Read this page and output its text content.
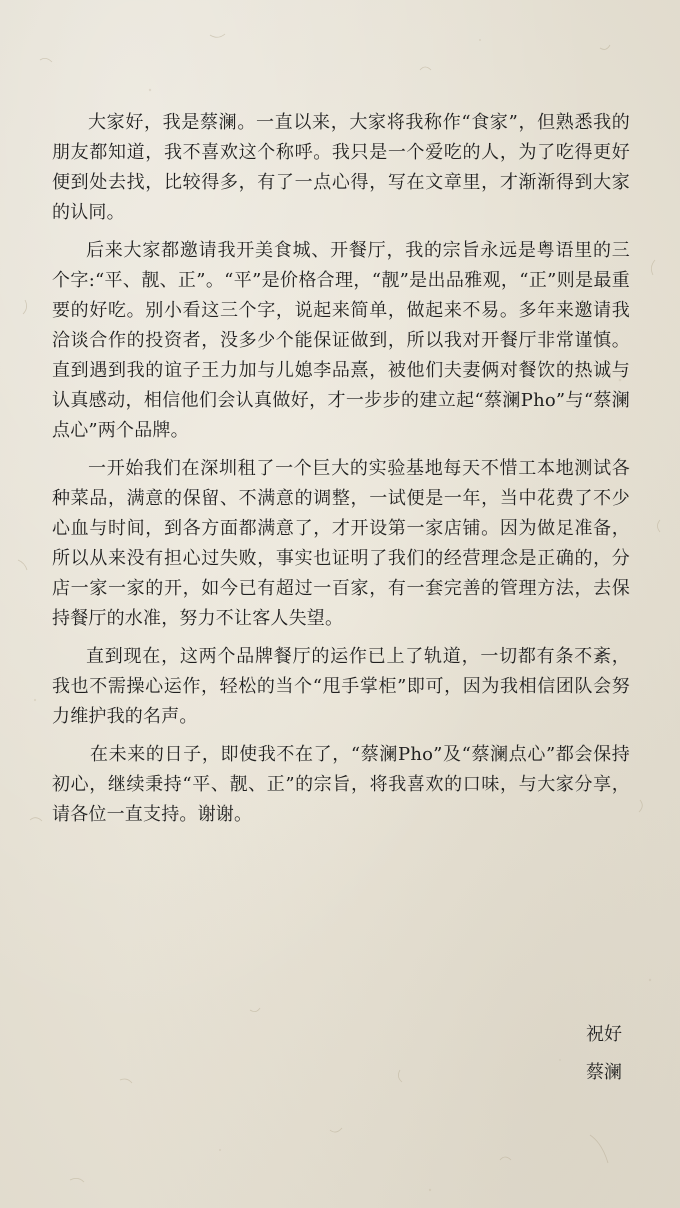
大家好，我是蔡澜。一直以来，大家将我称作“食家”，但熟悉我的朋友都知道，我不喜欢这个称呼。我只是一个爱吃的人，为了吃得更好便到处去找，比较得多，有了一点心得，写在文章里，才渐渐得到大家的认同。

后来大家都邀请我开美食城、开餐厅，我的宗旨永远是粤语里的三个字:“平、靓、正”。“平”是价格合理，“靓”是出品雅观，“正”则是最重要的好吃。别小看这三个字，说起来简单，做起来不易。多年来邀请我洽谈合作的投资者，没多少个能保证做到，所以我对开餐厅非常谨慎。直到遇到我的谊子王力加与儿媳李品熹，被他们夫妻俩对餐饮的热诚与认真感动，相信他们会认真做好，才一步步的建立起“蔡澜Pho”与“蔡澜点心”两个品牌。

一开始我们在深圳租了一个巨大的实验基地每天不惜工本地测试各种菜品，满意的保留、不满意的调整，一试便是一年，当中花费了不少心血与时间，到各方面都满意了，才开设第一家店铺。因为做足准备，所以从来没有担心过失败，事实也证明了我们的经营理念是正确的，分店一家一家的开，如今已有超过一百家，有一套完善的管理方法，去保持餐厅的水准，努力不让客人失望。

直到现在，这两个品牌餐厅的运作已上了轨道，一切都有条不紊，我也不需操心运作，轻松的当个“甩手掌柜”即可，因为我相信团队会努力维护我的名声。

在未来的日子，即使我不在了，“蔡澜Pho”及“蔡澜点心”都会保持初心，继续秉持“平、靓、正”的宗旨，将我喜欢的口味，与大家分享，请各位一直支持。谢谢。

祝好
蔡澜
